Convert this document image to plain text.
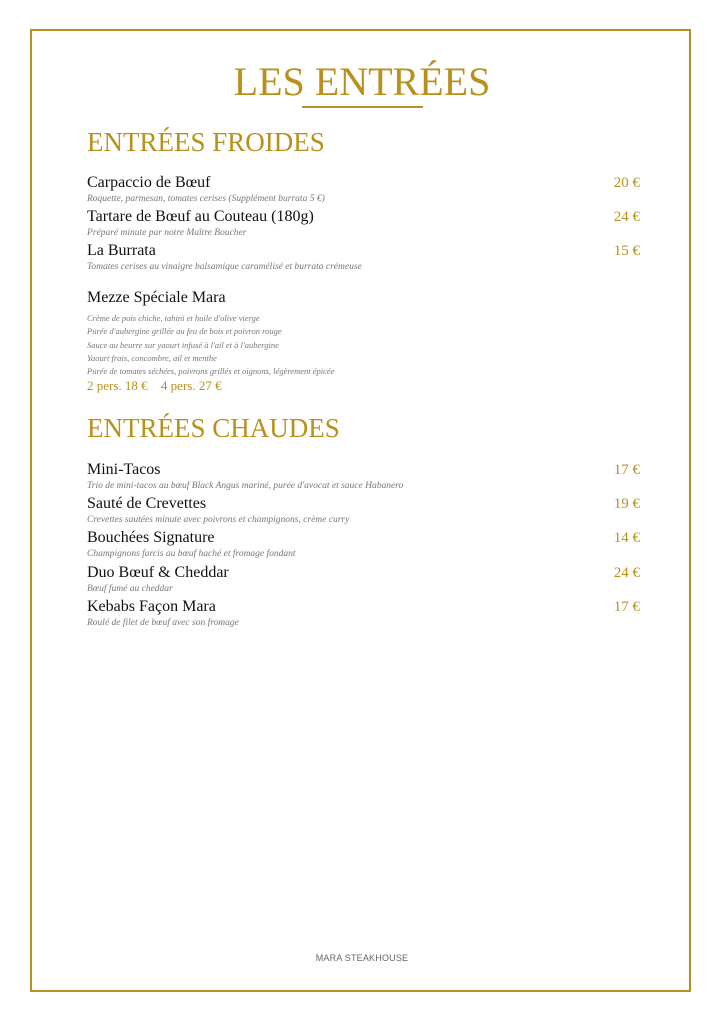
LES ENTRÉES
ENTRÉES FROIDES
Carpaccio de Bœuf	20 €
Roquette, parmesan, tomates cerises (Supplément burrata 5 €)
Tartare de Bœuf au Couteau (180g)	24 €
Préparé minute par notre Maître Boucher
La Burrata	15 €
Tomates cerises au vinaigre balsamique caramélisé et burrata crémeuse
Mezze Spéciale Mara
Crème de pois chiche, tahini et huile d'olive vierge
Purée d'aubergine grillée au feu de bois et poivron rouge
Sauce au beurre sur yaourt infusé à l'ail et à l'aubergine
Yaourt frais, concombre, ail et menthe
Purée de tomates séchées, poivrons grillés et oignons, légèrement épicée
2 pers. 18 € 4 pers. 27 €
ENTRÉES CHAUDES
Mini-Tacos	17 €
Trio de mini-tacos au bœuf Black Angus mariné, purée d'avocat et sauce Habanero
Sauté de Crevettes	19 €
Crevettes sautées minute avec poivrons et champignons, crème curry
Bouchées Signature	14 €
Champignons farcis au bœuf haché et fromage fondant
Duo Bœuf & Cheddar	24 €
Bœuf fumé au cheddar
Kebabs Façon Mara	17 €
Roulé de filet de bœuf avec son fromage
MARA STEAKHOUSE
